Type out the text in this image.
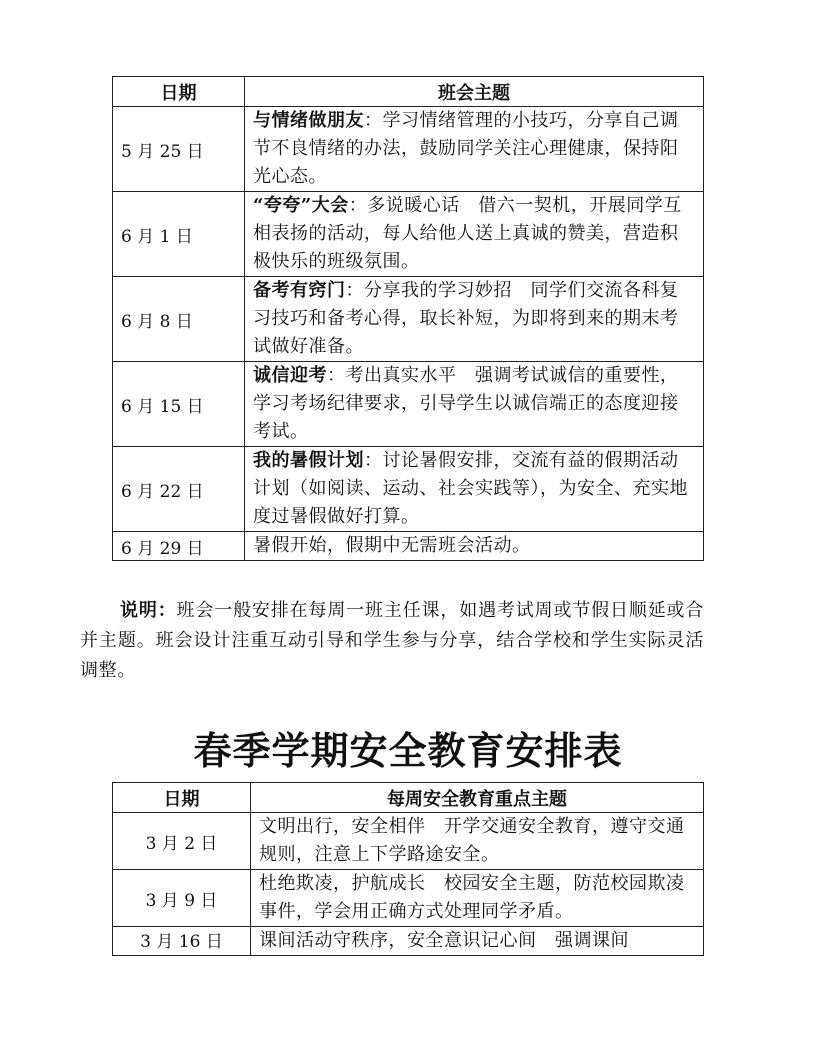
日期	班会主题
5 月 25 日	与情绪做朋友：学习情绪管理的小技巧，分享自己调节不良情绪的办法，鼓励同学关注心理健康，保持阳光心态。
6 月 1 日	“夸夸”大会：多说暖心话　借六一契机，开展同学互相表扬的活动，每人给他人送上真诚的赞美，营造积极快乐的班级氛围。
6 月 8 日	备考有窍门：分享我的学习妙招　同学们交流各科复习技巧和备考心得，取长补短，为即将到来的期末考试做好准备。
6 月 15 日	诚信迎考：考出真实水平　强调考试诚信的重要性，学习考场纪律要求，引导学生以诚信端正的态度迎接考试。
6 月 22 日	我的暑假计划：讨论暑假安排，交流有益的假期活动计划（如阅读、运动、社会实践等），为安全、充实地度过暑假做好打算。
6 月 29 日	暑假开始，假期中无需班会活动。

说明：班会一般安排在每周一班主任课，如遇考试周或节假日顺延或合并主题。班会设计注重互动引导和学生参与分享，结合学校和学生实际灵活调整。

春季学期安全教育安排表
日期	每周安全教育重点主题
3 月 2 日	文明出行，安全相伴　开学交通安全教育，遵守交通规则，注意上下学路途安全。
3 月 9 日	杜绝欺凌，护航成长　校园安全主题，防范校园欺凌事件，学会用正确方式处理同学矛盾。
3 月 16 日	课间活动守秩序，安全意识记心间　强调课间
